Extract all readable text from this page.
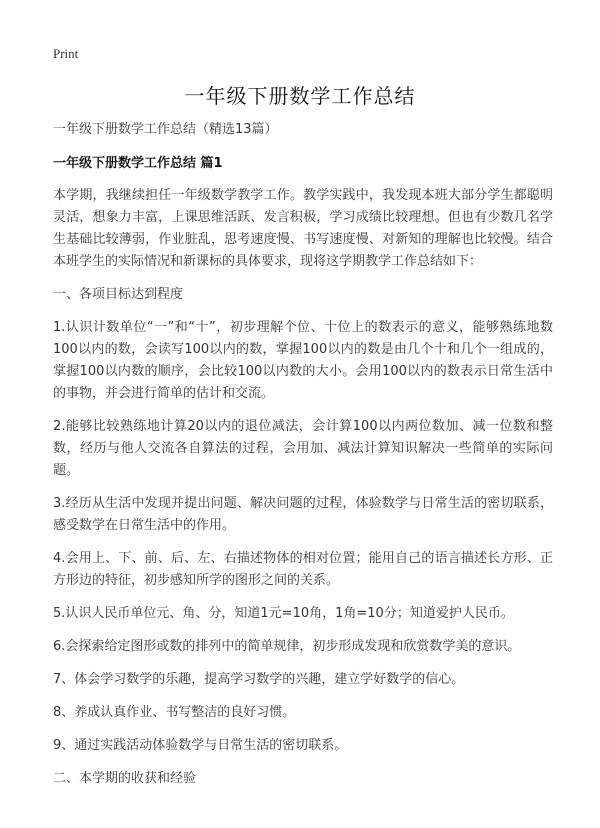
Print
一年级下册数学工作总结

一年级下册数学工作总结（精选13篇）

一年级下册数学工作总结 篇1

本学期，我继续担任一年级数学教学工作。教学实践中，我发现本班大部分学生都聪明灵活，想象力丰富，上课思维活跃、发言积极，学习成绩比较理想。但也有少数几名学生基础比较薄弱，作业脏乱，思考速度慢、书写速度慢、对新知的理解也比较慢。结合本班学生的实际情况和新课标的具体要求，现将这学期教学工作总结如下：

一、各项目标达到程度

1.认识计数单位“一”和“十”，初步理解个位、十位上的数表示的意义，能够熟练地数100以内的数，会读写100以内的数，掌握100以内的数是由几个十和几个一组成的，掌握100以内数的顺序，会比较100以内数的大小。会用100以内的数表示日常生活中的事物，并会进行简单的估计和交流。

2.能够比较熟练地计算20以内的退位减法，会计算100以内两位数加、减一位数和整数，经历与他人交流各自算法的过程，会用加、减法计算知识解决一些简单的实际问题。

3.经历从生活中发现并提出问题、解决问题的过程，体验数学与日常生活的密切联系，感受数学在日常生活中的作用。

4.会用上、下、前、后、左、右描述物体的相对位置；能用自己的语言描述长方形、正方形边的特征，初步感知所学的图形之间的关系。

5.认识人民币单位元、角、分，知道1元=10角，1角=10分；知道爱护人民币。

6.会探索给定图形或数的排列中的简单规律，初步形成发现和欣赏数学美的意识。

7、体会学习数学的乐趣，提高学习数学的兴趣，建立学好数学的信心。

8、养成认真作业、书写整洁的良好习惯。

9、通过实践活动体验数学与日常生活的密切联系。

二、本学期的收获和经验
